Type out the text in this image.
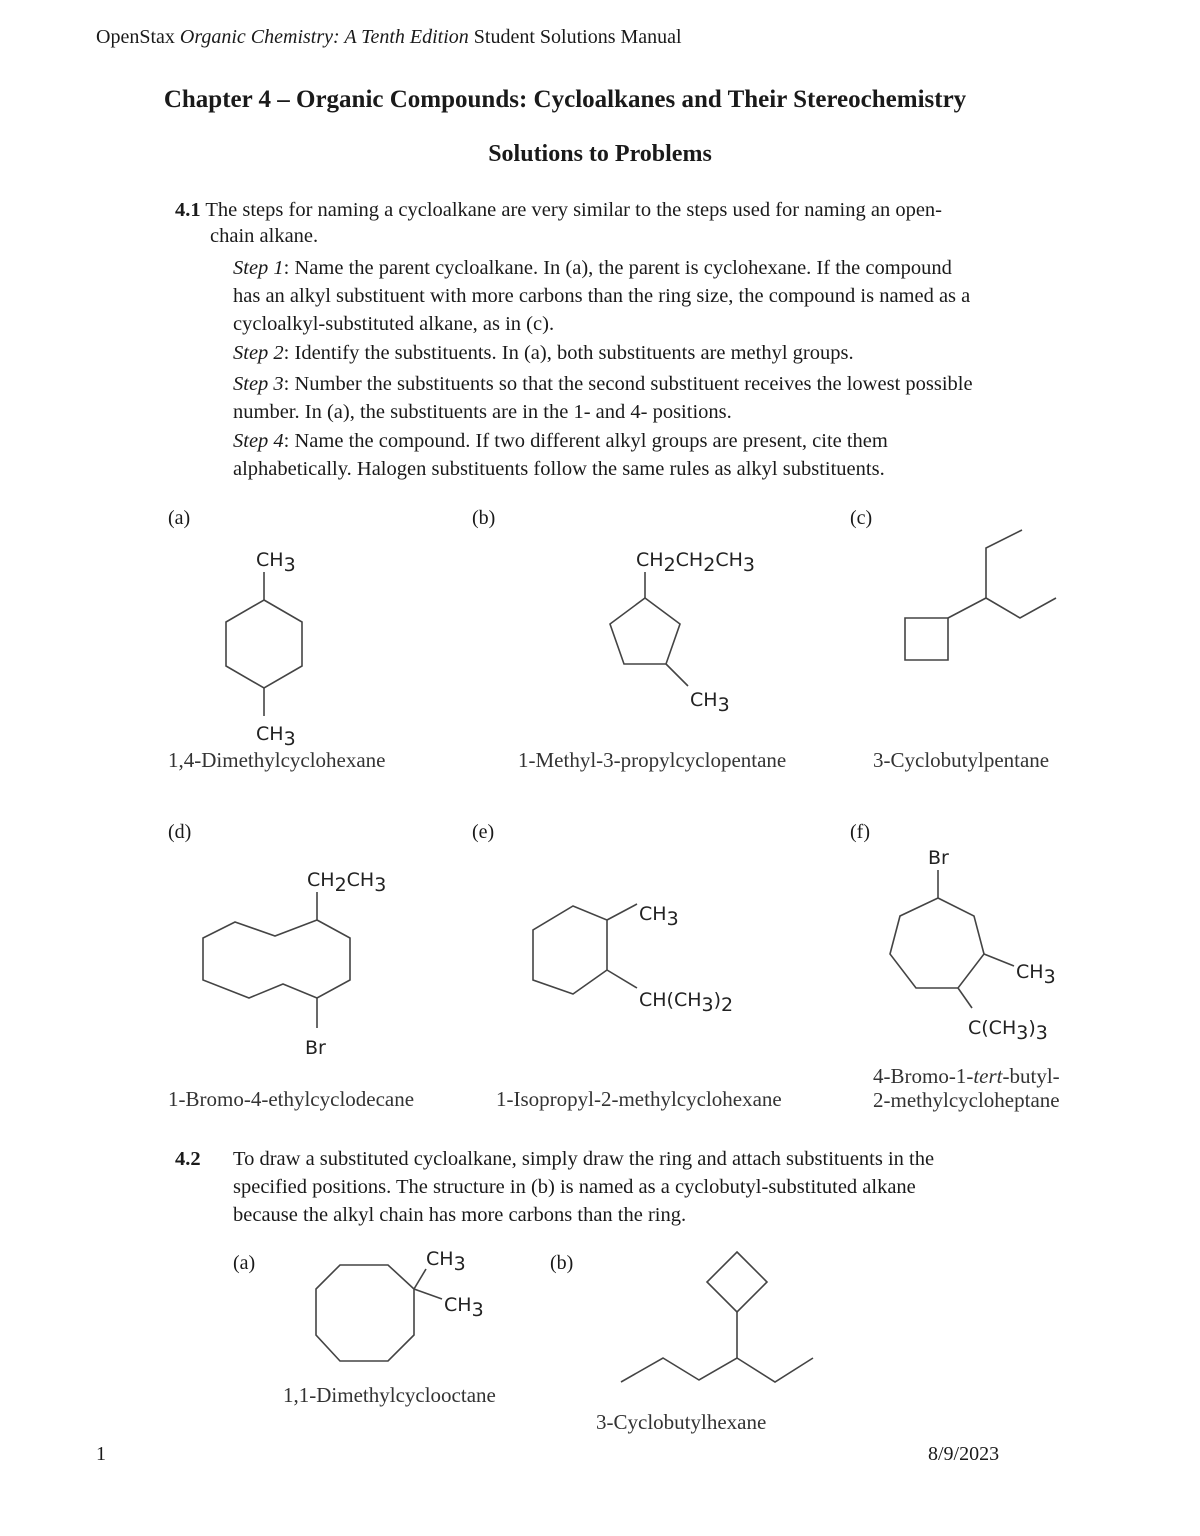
OpenStax Organic Chemistry: A Tenth Edition Student Solutions Manual
Chapter 4 – Organic Compounds: Cycloalkanes and Their Stereochemistry
Solutions to Problems
4.1 The steps for naming a cycloalkane are very similar to the steps used for naming an open-
chain alkane.
Step 1: Name the parent cycloalkane. In (a), the parent is cyclohexane. If the compound
has an alkyl substituent with more carbons than the ring size, the compound is named as a
cycloalkyl-substituted alkane, as in (c).
Step 2: Identify the substituents. In (a), both substituents are methyl groups.
Step 3: Number the substituents so that the second substituent receives the lowest possible
number. In (a), the substituents are in the 1- and 4- positions.
Step 4: Name the compound. If two different alkyl groups are present, cite them
alphabetically. Halogen substituents follow the same rules as alkyl substituents.
(a)	(b)	(c)
CH3
CH3
1,4-Dimethylcyclohexane
CH2CH2CH3
CH3
1-Methyl-3-propylcyclopentane	3-Cyclobutylpentane
(d)	(e)	(f)
CH2CH3
Br
1-Bromo-4-ethylcyclodecane
CH3
CH(CH3)2
1-Isopropyl-2-methylcyclohexane
Br
CH3
C(CH3)3
4-Bromo-1-tert-butyl-
2-methylcycloheptane
4.2 To draw a substituted cycloalkane, simply draw the ring and attach substituents in the
specified positions. The structure in (b) is named as a cyclobutyl-substituted alkane
because the alkyl chain has more carbons than the ring.
(a)	(b)
CH3
CH3
1,1-Dimethylcyclooctane
3-Cyclobutylhexane
1	8/9/2023
